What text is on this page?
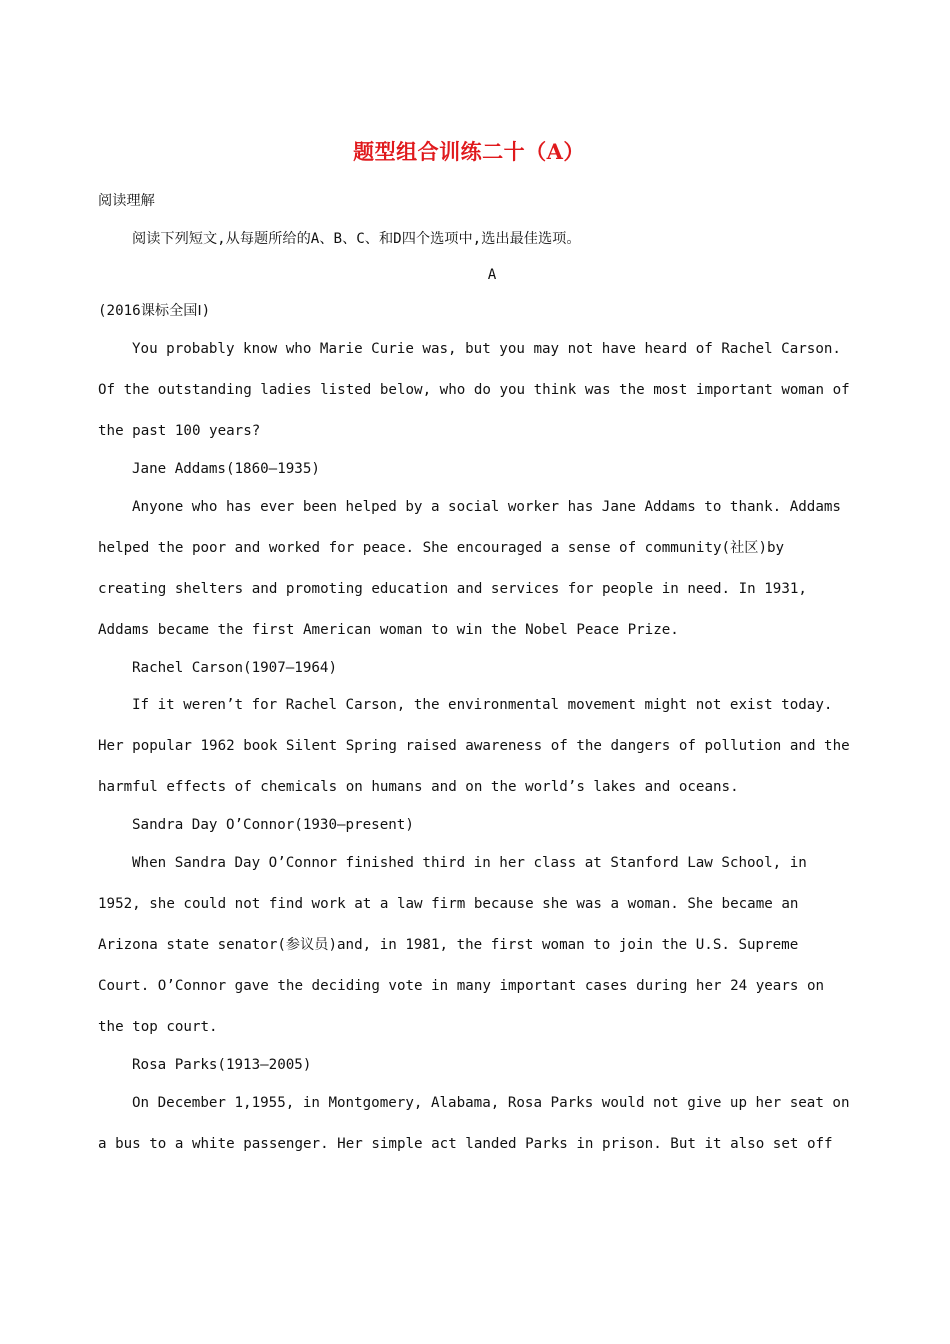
题型组合训练二十（A）
阅读理解
阅读下列短文,从每题所给的A、B、C、和D四个选项中,选出最佳选项。
A
(2016课标全国Ⅰ)
You probably know who Marie Curie was, but you may not have heard of Rachel Carson.
Of the outstanding ladies listed below, who do you think was the most important woman of
the past 100 years?
Jane Addams(1860—1935)
Anyone who has ever been helped by a social worker has Jane Addams to thank. Addams
helped the poor and worked for peace. She encouraged a sense of community(社区)by
creating shelters and promoting education and services for people in need. In 1931,
Addams became the first American woman to win the Nobel Peace Prize.
Rachel Carson(1907—1964)
If it weren’t for Rachel Carson, the environmental movement might not exist today.
Her popular 1962 book Silent Spring raised awareness of the dangers of pollution and the
harmful effects of chemicals on humans and on the world’s lakes and oceans.
Sandra Day O’Connor(1930—present)
When Sandra Day O’Connor finished third in her class at Stanford Law School, in
1952, she could not find work at a law firm because she was a woman. She became an
Arizona state senator(参议员)and, in 1981, the first woman to join the U.S. Supreme
Court. O’Connor gave the deciding vote in many important cases during her 24 years on
the top court.
Rosa Parks(1913—2005)
On December 1,1955, in Montgomery, Alabama, Rosa Parks would not give up her seat on
a bus to a white passenger. Her simple act landed Parks in prison. But it also set off
